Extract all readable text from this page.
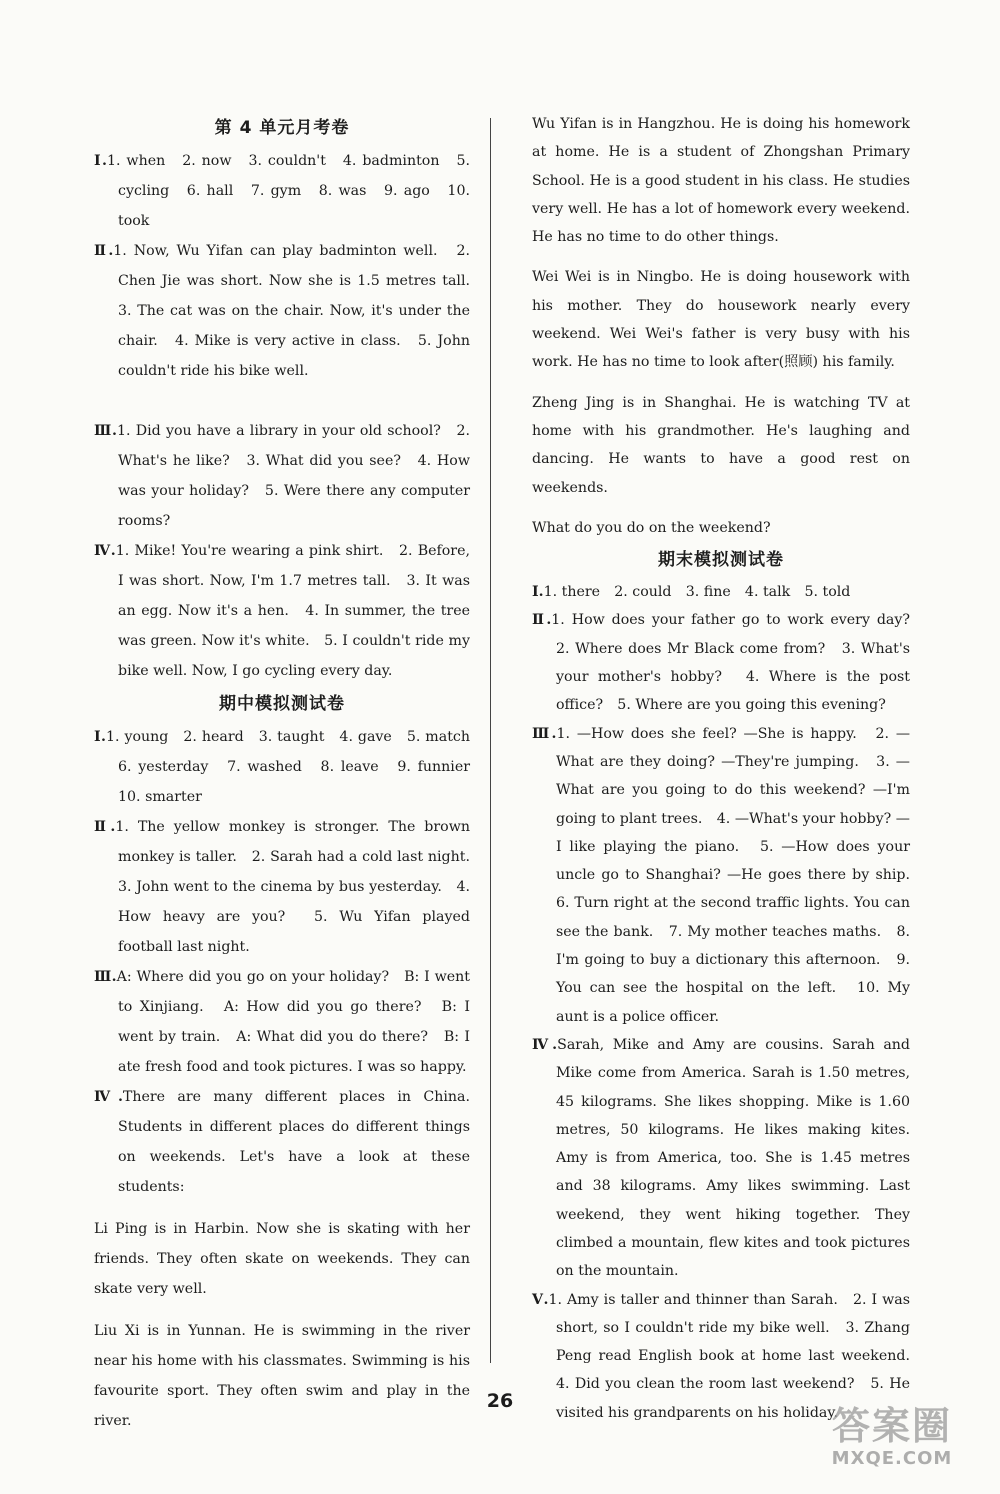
第 4 单元月考卷
Ⅰ.1. when　2. now　3. couldn't　4. badminton　5. cycling　6. hall　7. gym　8. was　9. ago　10. took
Ⅱ.1. Now, Wu Yifan can play badminton well.　2. Chen Jie was short. Now she is 1.5 metres tall.　3. The cat was on the chair. Now, it's under the chair.　4. Mike is very active in class.　5. John couldn't ride his bike well.
Ⅲ.1. Did you have a library in your old school?　2. What's he like?　3. What did you see?　4. How was your holiday?　5. Were there any computer rooms?
Ⅳ.1. Mike! You're wearing a pink shirt.　2. Before, I was short. Now, I'm 1.7 metres tall.　3. It was an egg. Now it's a hen.　4. In summer, the tree was green. Now it's white.　5. I couldn't ride my bike well. Now, I go cycling every day.
期中模拟测试卷
Ⅰ.1. young　2. heard　3. taught　4. gave　5. match　6. yesterday　7. washed　8. leave　9. funnier　10. smarter
Ⅱ.1. The yellow monkey is stronger. The brown monkey is taller.　2. Sarah had a cold last night.　3. John went to the cinema by bus yesterday.　4. How heavy are you?　5. Wu Yifan played football last night.
Ⅲ.A: Where did you go on your holiday?　B: I went to Xinjiang.　A: How did you go there?　B: I went by train.　A: What did you do there?　B: I ate fresh food and took pictures. I was so happy.
Ⅳ.There are many different places in China. Students in different places do different things on weekends. Let's have a look at these students:
Li Ping is in Harbin. Now she is skating with her friends. They often skate on weekends. They can skate very well.
Liu Xi is in Yunnan. He is swimming in the river near his home with his classmates. Swimming is his favourite sport. They often swim and play in the river.
Wu Yifan is in Hangzhou. He is doing his homework at home. He is a student of Zhongshan Primary School. He is a good student in his class. He studies very well. He has a lot of homework every weekend. He has no time to do other things.
Wei Wei is in Ningbo. He is doing housework with his mother. They do housework nearly every weekend. Wei Wei's father is very busy with his work. He has no time to look after(照顾) his family.
Zheng Jing is in Shanghai. He is watching TV at home with his grandmother. He's laughing and dancing. He wants to have a good rest on weekends.
What do you do on the weekend?
期末模拟测试卷
Ⅰ.1. there　2. could　3. fine　4. talk　5. told
Ⅱ.1. How does your father go to work every day?　2. Where does Mr Black come from?　3. What's your mother's hobby?　4. Where is the post office?　5. Where are you going this evening?
Ⅲ.1. —How does she feel? —She is happy.　2. —What are they doing? —They're jumping.　3. —What are you going to do this weekend? —I'm going to plant trees.　4. —What's your hobby? —I like playing the piano.　5. —How does your uncle go to Shanghai? —He goes there by ship.　6. Turn right at the second traffic lights. You can see the bank.　7. My mother teaches maths.　8. I'm going to buy a dictionary this afternoon.　9. You can see the hospital on the left.　10. My aunt is a police officer.
Ⅳ.Sarah, Mike and Amy are cousins. Sarah and Mike come from America. Sarah is 1.50 metres, 45 kilograms. She likes shopping. Mike is 1.60 metres, 50 kilograms. He likes making kites. Amy is from America, too. She is 1.45 metres and 38 kilograms. Amy likes swimming. Last weekend, they went hiking together. They climbed a mountain, flew kites and took pictures on the mountain.
Ⅴ.1. Amy is taller and thinner than Sarah.　2. I was short, so I couldn't ride my bike well.　3. Zhang Peng read English book at home last weekend.　4. Did you clean the room last weekend?　5. He visited his grandparents on his holiday.
26
答案圈
MXQE.COM
